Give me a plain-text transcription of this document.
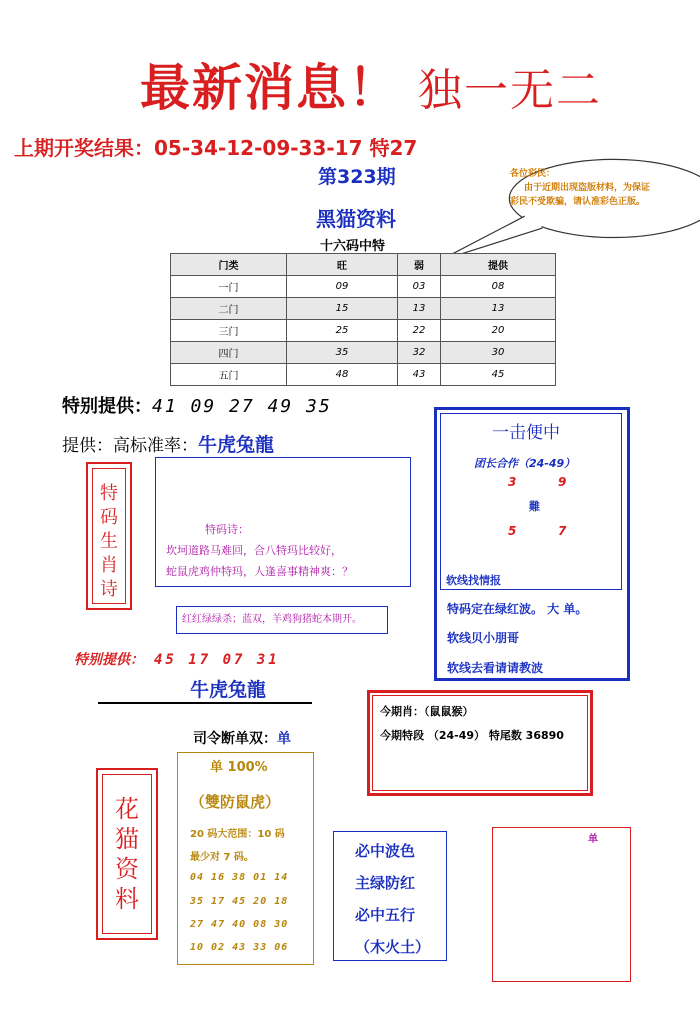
最新消息！ 独一无二
上期开奖结果：05-34-12-09-33-17 特27
第323期
黑猫资料
十六码中特
各位彩民：
由于近期出现盗版材料，为保证彩民不受欺骗，请认准彩色正版。
门类	旺	弱	提供
一门	09	03	08
二门	15	13	13
三门	25	22	20
四门	35	32	30
五门	48	43	45
特别提供：41 09 27 49 35
提供：高标准率：牛虎兔龍
特
码
生
肖
诗
特码诗：
坎坷道路马难回，合八特玛比较好，
蛇鼠虎鸡仲特玛，人逢喜事精神爽：？
红红绿绿杀；蓝双，羊鸡狗猪蛇本期开。
一击便中
团长合作（24-49）
3	9
難
5	7
软线找情报
特码定在绿红波。 大 单。
软线贝小朋哥
软线去看请请教波
特别提供： 45 17 07 31
牛虎兔龍
今期肖：（鼠鼠猴）
今期特段 （24-49） 特尾数 36890
司令断单双：单
花
猫
资
料
单 100%
（雙防鼠虎）
20 码大范围：10 码
最少对 7 码。
04 16 38 01 14
35 17 45 20 18
27 47 40 08 30
10 02 43 33 06
必中波色
主绿防红
必中五行
（木火土）
单
